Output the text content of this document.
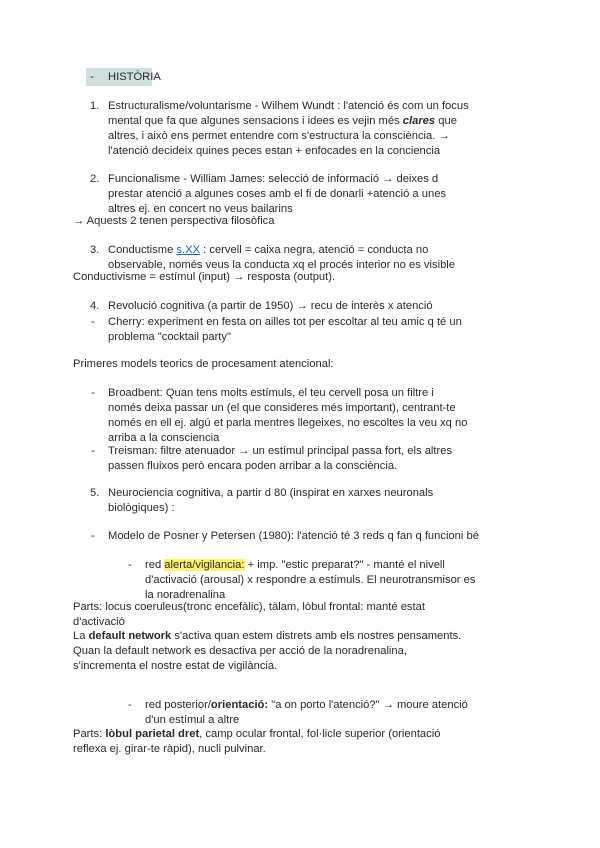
- HISTÒRIA
1. Estructuralisme/voluntarisme - Wilhem Wundt : l'atenció és com un focus
mental que fa que algunes sensacions i idees es vejin més clares que
altres, i això ens permet entendre com s'estructura la consciència. →
l'atenció decideix quines peces estan + enfocades en la conciencia
2. Funcionalisme - William James: selecció de informació → deixes d
prestar atenció a algunes coses amb el fi de donarli +atenció a unes
altres ej. en concert no veus bailarins
→ Aquests 2 tenen perspectiva filosòfica
3. Conductisme s.XX : cervell = caixa negra, atenció = conducta no
observable, només veus la conducta xq el procés interior no es visible
Conductivisme = estímul (input) → resposta (output).
4. Revolució cognitiva (a partir de 1950) → recu de interès x atenció
- Cherry: experiment en festa on ailles tot per escoltar al teu amic q té un
problema "cocktail party"
Primeres models teorics de procesament atencional:
- Broadbent: Quan tens molts estímuls, el teu cervell posa un filtre i
només deixa passar un (el que consideres més important), centrant-te
només en ell ej. algú et parla mentres llegeixes, no escoltes la veu xq no
arriba a la consciencia
- Treisman: filtre atenuador → un estímul principal passa fort, els altres
passen fluixos però encara poden arribar a la consciència.
5. Neurociencia cognitiva, a partir d 80 (inspirat en xarxes neuronals
biològiques) :
- Modelo de Posner y Petersen (1980): l'atenció té 3 reds q fan q funcioni bé
- red alerta/vigilancia: + imp. "estic preparat?" - manté el nivell
d'activació (arousal) x respondre a estímuls. El neurotransmisor es
la noradrenalina
Parts: locus coeruleus(tronc encefàlic), tàlam, lòbul frontal: manté estat
d'activació
La default network s'activa quan estem distrets amb els nostres pensaments.
Quan la default network es desactiva per acció de la noradrenalina,
s'incrementa el nostre estat de vigilància.
- red posterior/orientació: "a on porto l'atenció?" → moure atenció
d'un estímul a altre
Parts: lòbul parietal dret, camp ocular frontal, fol·licle superior (orientació
reflexa ej. girar-te ràpid), nucli pulvinar.
